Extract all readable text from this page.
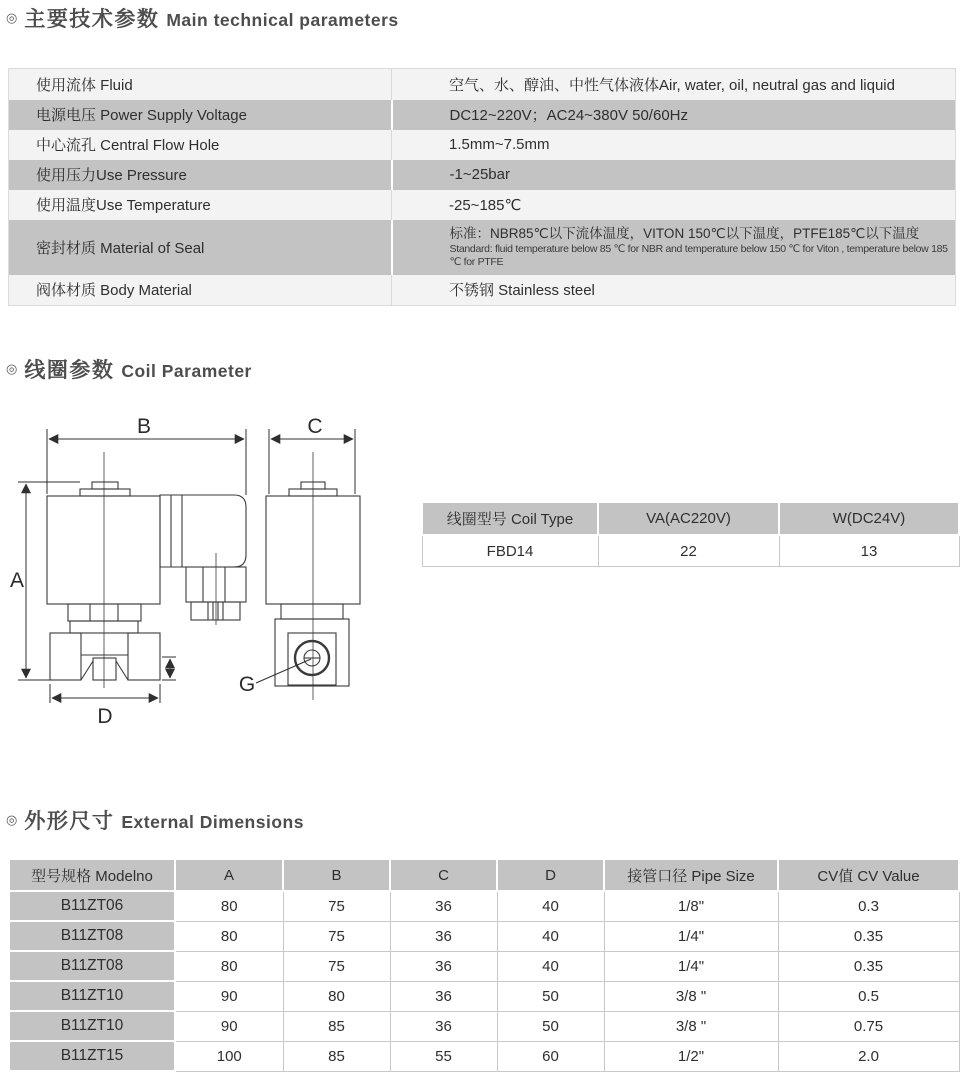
◎ 主要技术参数 Main technical parameters
使用流体 Fluid	空气、水、醇油、中性气体液体Air, water, oil, neutral gas and liquid
电源电压 Power Supply Voltage	DC12~220V；AC24~380V 50/60Hz
中心流孔 Central Flow Hole	1.5mm~7.5mm
使用压力Use Pressure	-1~25bar
使用温度Use Temperature	-25~185℃
密封材质 Material of Seal	标准：NBR85℃以下流体温度，VITON 150℃以下温度，PTFE185℃以下温度
Standard: fluid temperature below 85 ℃ for NBR and temperature below 150 ℃ for Viton , temperature below 185 ℃ for PTFE

阀体材质 Body Material	不锈钢 Stainless steel
◎ 线圈参数 Coil Parameter
B	C
A
D
G
线圈型号 Coil Type	VA(AC220V)	W(DC24V)
FBD14	22	13
◎ 外形尺寸 External Dimensions
型号规格 Modelno	A	B	C	D	接管口径 Pipe Size	CV值 CV Value
B11ZT06	80	75	36	40	1/8"	0.3
B11ZT08	80	75	36	40	1/4"	0.35
B11ZT08	80	75	36	40	1/4"	0.35
B11ZT10	90	80	36	50	3/8 "	0.5
B11ZT10	90	85	36	50	3/8 "	0.75
B11ZT15	100	85	55	60	1/2"	2.0
